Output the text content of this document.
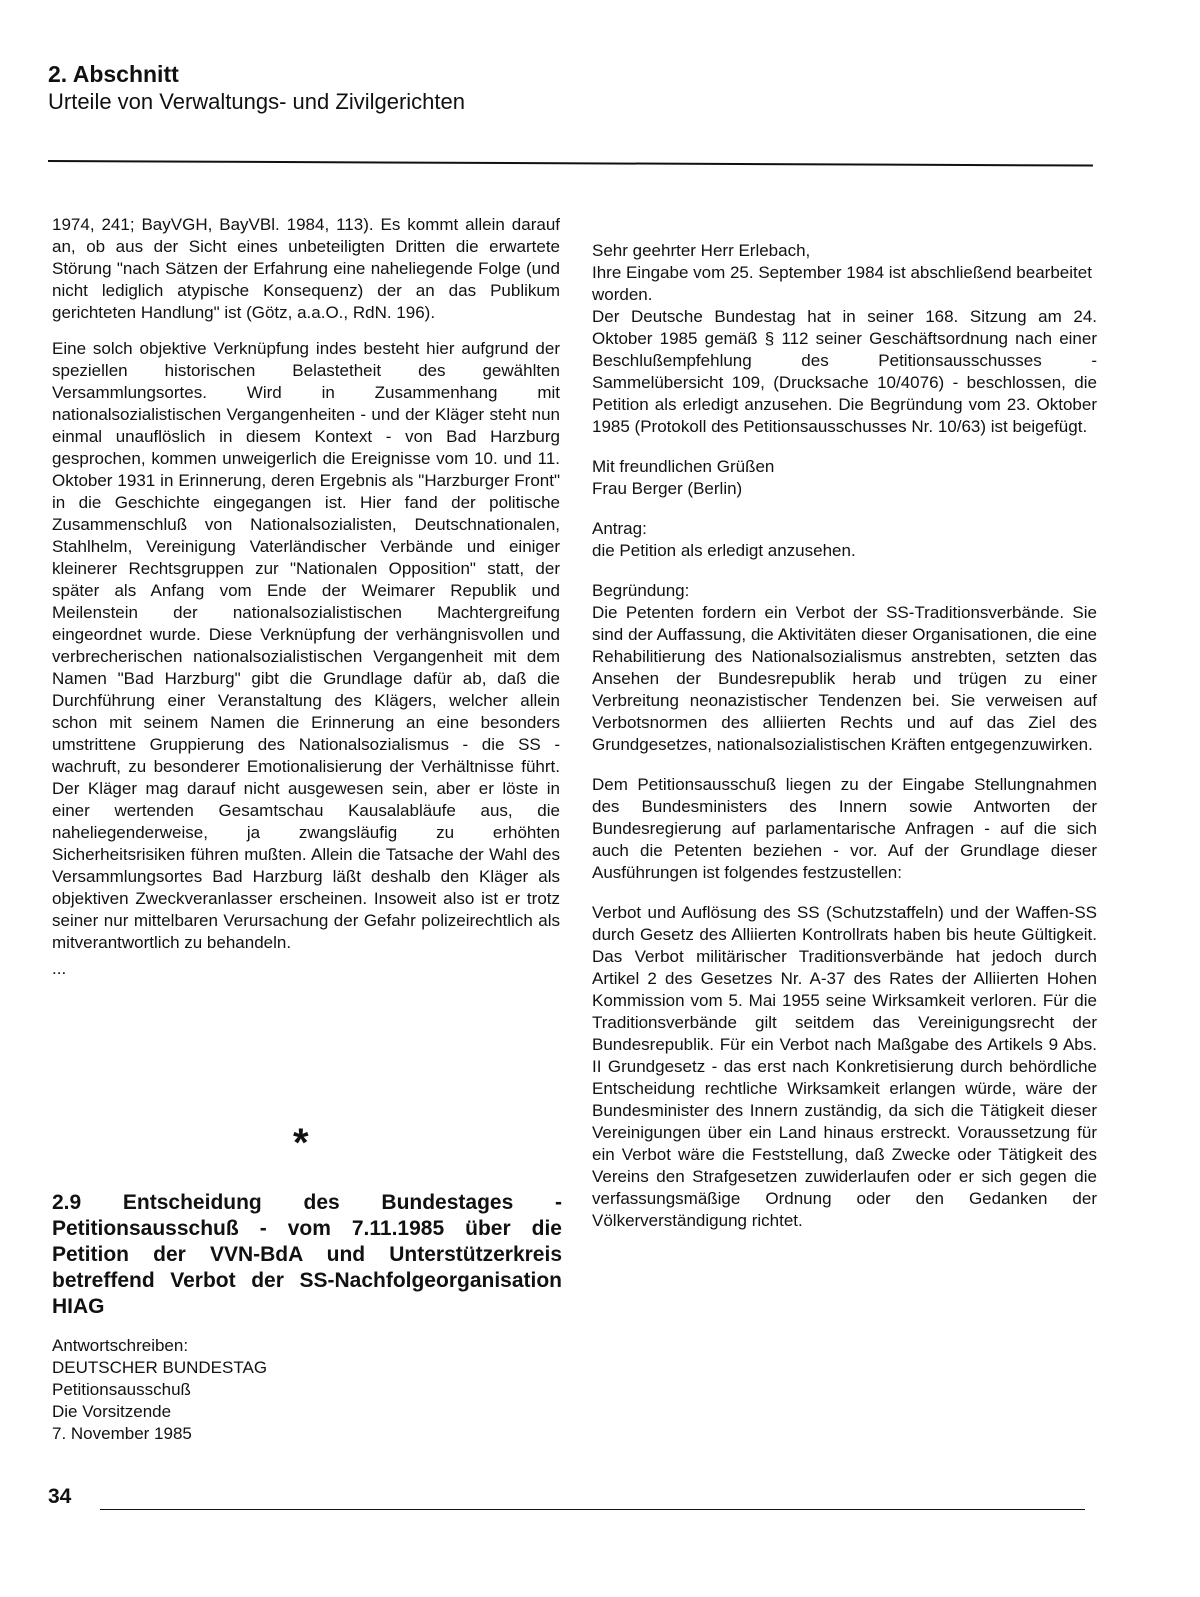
2. Abschnitt

Urteile von Verwaltungs- und Zivilgerichten

1974, 241; BayVGH, BayVBl. 1984, 113). Es kommt allein darauf an, ob aus der Sicht eines unbeteiligten Dritten die erwartete Störung "nach Sätzen der Erfahrung eine naheliegende Folge (und nicht lediglich atypische Konsequenz) der an das Publikum gerichteten Handlung" ist (Götz, a.a.O., RdN. 196).

Eine solch objektive Verknüpfung indes besteht hier aufgrund der speziellen historischen Belastetheit des gewählten Versammlungsortes. Wird in Zusammenhang mit nationalsozialistischen Vergangenheiten - und der Kläger steht nun einmal unauflöslich in diesem Kontext - von Bad Harzburg gesprochen, kommen unweigerlich die Ereignisse vom 10. und 11. Oktober 1931 in Erinnerung, deren Ergebnis als "Harzburger Front" in die Geschichte eingegangen ist. Hier fand der politische Zusammenschluß von Nationalsozialisten, Deutschnationalen, Stahlhelm, Vereinigung Vaterländischer Verbände und einiger kleinerer Rechtsgruppen zur "Nationalen Opposition" statt, der später als Anfang vom Ende der Weimarer Republik und Meilenstein der nationalsozialistischen Machtergreifung eingeordnet wurde. Diese Verknüpfung der verhängnisvollen und verbrecherischen nationalsozialistischen Vergangenheit mit dem Namen "Bad Harzburg" gibt die Grundlage dafür ab, daß die Durchführung einer Veranstaltung des Klägers, welcher allein schon mit seinem Namen die Erinnerung an eine besonders umstrittene Gruppierung des Nationalsozialismus - die SS - wachruft, zu besonderer Emotionalisierung der Verhältnisse führt. Der Kläger mag darauf nicht ausgewesen sein, aber er löste in einer wertenden Gesamtschau Kausalabläufe aus, die naheliegenderweise, ja zwangsläufig zu erhöhten Sicherheitsrisiken führen mußten. Allein die Tatsache der Wahl des Versammlungsortes Bad Harzburg läßt deshalb den Kläger als objektiven Zweckveranlasser erscheinen. Insoweit also ist er trotz seiner nur mittelbaren Verursachung der Gefahr polizeirechtlich als mitverantwortlich zu behandeln.

...

*
2.9 Entscheidung des Bundestages - Petitionsausschuß - vom 7.11.1985 über die Petition der VVN-BdA und Unterstützerkreis betreffend Verbot der SS-Nachfolgeorganisation HIAG
Antwortschreiben:
DEUTSCHER BUNDESTAG
Petitionsausschuß
Die Vorsitzende
7. November 1985

Sehr geehrter Herr Erlebach,

Ihre Eingabe vom 25. September 1984 ist abschließend bearbeitet worden.

Der Deutsche Bundestag hat in seiner 168. Sitzung am 24. Oktober 1985 gemäß § 112 seiner Geschäftsordnung nach einer Beschlußempfehlung des Petitionsausschusses - Sammelübersicht 109, (Drucksache 10/4076) - beschlossen, die Petition als erledigt anzusehen. Die Begründung vom 23. Oktober 1985 (Protokoll des Petitionsausschusses Nr. 10/63) ist beigefügt.

Mit freundlichen Grüßen

Frau Berger (Berlin)

Antrag:

die Petition als erledigt anzusehen.

Begründung:

Die Petenten fordern ein Verbot der SS-Traditionsverbände. Sie sind der Auffassung, die Aktivitäten dieser Organisationen, die eine Rehabilitierung des Nationalsozialismus anstrebten, setzten das Ansehen der Bundesrepublik herab und trügen zu einer Verbreitung neonazistischer Tendenzen bei. Sie verweisen auf Verbotsnormen des alliierten Rechts und auf das Ziel des Grundgesetzes, nationalsozialistischen Kräften entgegenzuwirken.

Dem Petitionsausschuß liegen zu der Eingabe Stellungnahmen des Bundesministers des Innern sowie Antworten der Bundesregierung auf parlamentarische Anfragen - auf die sich auch die Petenten beziehen - vor. Auf der Grundlage dieser Ausführungen ist folgendes festzustellen:

Verbot und Auflösung des SS (Schutzstaffeln) und der Waffen-SS durch Gesetz des Alliierten Kontrollrats haben bis heute Gültigkeit. Das Verbot militärischer Traditionsverbände hat jedoch durch Artikel 2 des Gesetzes Nr. A-37 des Rates der Alliierten Hohen Kommission vom 5. Mai 1955 seine Wirksamkeit verloren. Für die Traditionsverbände gilt seitdem das Vereinigungsrecht der Bundesrepublik. Für ein Verbot nach Maßgabe des Artikels 9 Abs. II Grundgesetz - das erst nach Konkretisierung durch behördliche Entscheidung rechtliche Wirksamkeit erlangen würde, wäre der Bundesminister des Innern zuständig, da sich die Tätigkeit dieser Vereinigungen über ein Land hinaus erstreckt. Voraussetzung für ein Verbot wäre die Feststellung, daß Zwecke oder Tätigkeit des Vereins den Strafgesetzen zuwiderlaufen oder er sich gegen die verfassungsmäßige Ordnung oder den Gedanken der Völkerverständigung richtet.

34
